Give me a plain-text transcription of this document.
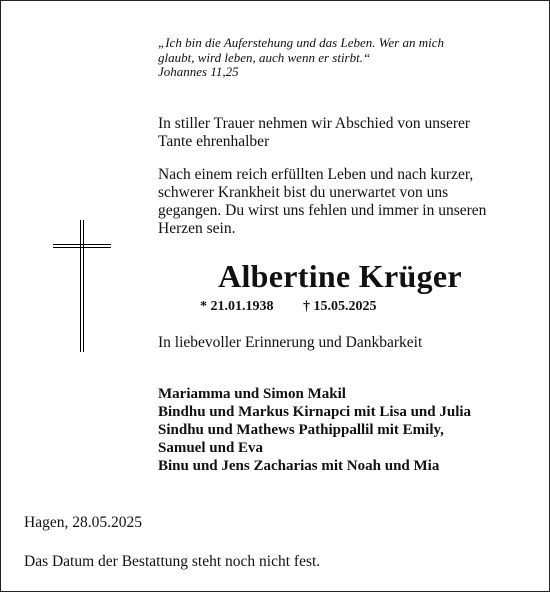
„Ich bin die Auferstehung und das Leben. Wer an mich
glaubt, wird leben, auch wenn er stirbt.“
Johannes 11,25
In stiller Trauer nehmen wir Abschied von unserer
Tante ehrenhalber
Nach einem reich erfüllten Leben und nach kurzer,
schwerer Krankheit bist du unerwartet von uns
gegangen. Du wirst uns fehlen und immer in unseren
Herzen sein.
Albertine Krüger
* 21.01.1938 † 15.05.2025
In liebevoller Erinnerung und Dankbarkeit
Mariamma und Simon Makil
Bindhu und Markus Kirnapci mit Lisa und Julia
Sindhu und Mathews Pathippallil mit Emily,
Samuel und Eva
Binu und Jens Zacharias mit Noah und Mia
Hagen, 28.05.2025
Das Datum der Bestattung steht noch nicht fest.
